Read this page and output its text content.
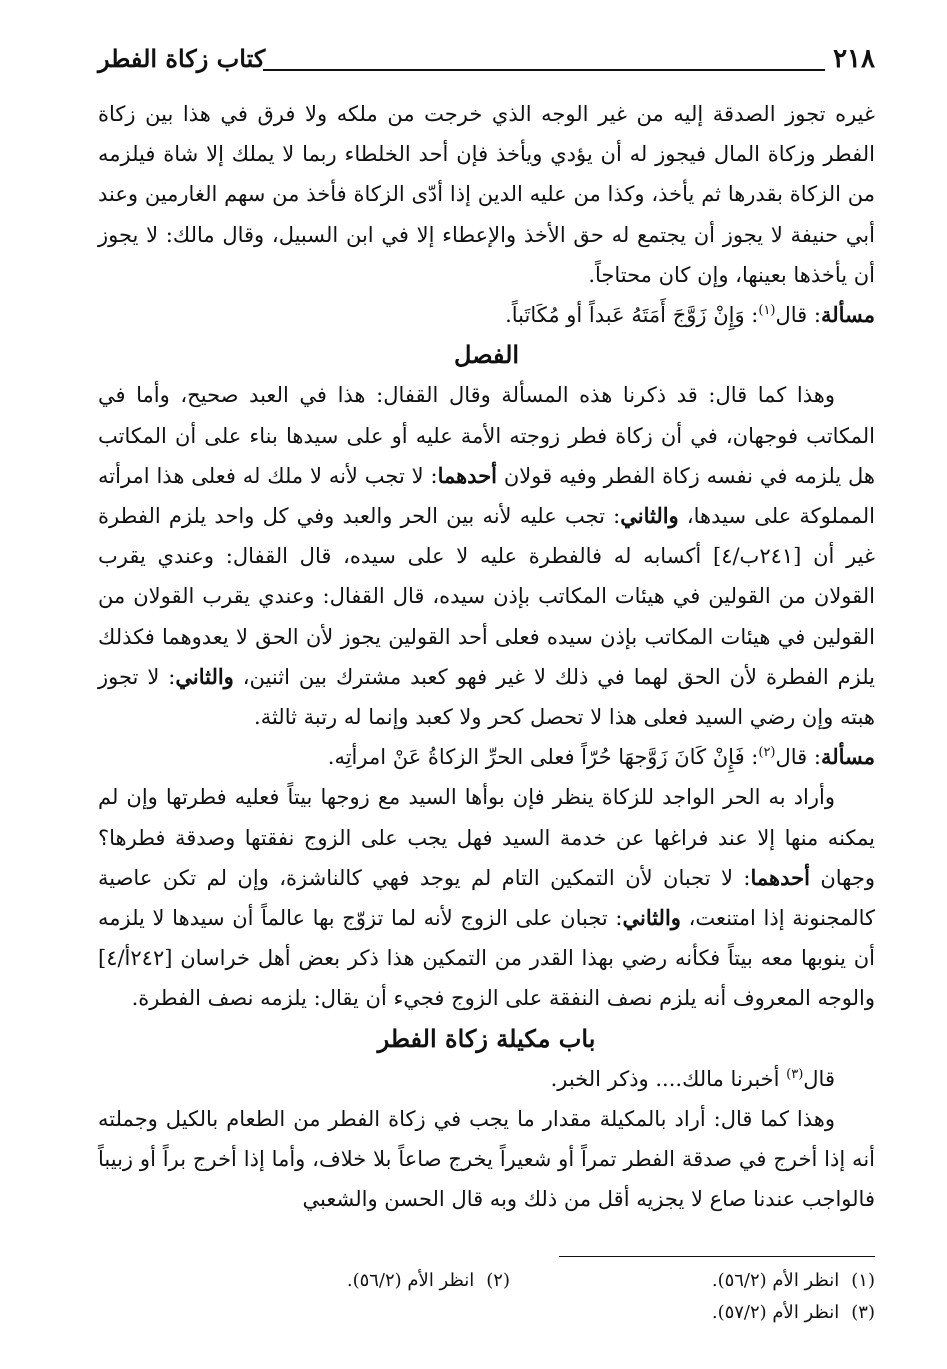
٢١٨
كتاب زكاة الفطر

غيره تجوز الصدقة إليه من غير الوجه الذي خرجت من ملكه ولا فرق في هذا بين زكاة الفطر وزكاة المال فيجوز له أن يؤدي ويأخذ فإن أحد الخلطاء ربما لا يملك إلا شاة فيلزمه من الزكاة بقدرها ثم يأخذ، وكذا من عليه الدين إذا أدّى الزكاة فأخذ من سهم الغارمين وعند أبي حنيفة لا يجوز أن يجتمع له حق الأخذ والإعطاء إلا في ابن السبيل، وقال مالك: لا يجوز أن يأخذها بعينها، وإن كان محتاجاً.

مسألة: قال$^{(١)}$: وَإِنْ زَوَّجَ أَمَتَهُ عَبداً أو مُكَاتَباً.

الفصل

وهذا كما قال: قد ذكرنا هذه المسألة وقال القفال: هذا في العبد صحيح، وأما في المكاتب فوجهان، في أن زكاة فطر زوجته الأمة عليه أو على سيدها بناء على أن المكاتب هل يلزمه في نفسه زكاة الفطر وفيه قولان أحدهما: لا تجب لأنه لا ملك له فعلى هذا امرأته المملوكة على سيدها، والثاني: تجب عليه لأنه بين الحر والعبد وفي كل واحد يلزم الفطرة غير أن [٢٤١ب/٤] أكسابه له فالفطرة عليه لا على سيده، قال القفال: وعندي يقرب القولان من القولين في هيئات المكاتب بإذن سيده، قال القفال: وعندي يقرب القولان من القولين في هيئات المكاتب بإذن سيده فعلى أحد القولين يجوز لأن الحق لا يعدوهما فكذلك يلزم الفطرة لأن الحق لهما في ذلك لا غير فهو كعبد مشترك بين اثنين، والثاني: لا تجوز هبته وإن رضي السيد فعلى هذا لا تحصل كحر ولا كعبد وإنما له رتبة ثالثة.

مسألة: قال$^{(٢)}$: فَإِنْ كَانَ زَوَّجهَا حُرّاً فعلى الحرِّ الزكاةُ عَنْ امرأتِه.

وأراد به الحر الواجد للزكاة ينظر فإن بوأها السيد مع زوجها بيتاً فعليه فطرتها وإن لم يمكنه منها إلا عند فراغها عن خدمة السيد فهل يجب على الزوج نفقتها وصدقة فطرها؟ وجهان أحدهما: لا تجبان لأن التمكين التام لم يوجد فهي كالناشزة، وإن لم تكن عاصية كالمجنونة إذا امتنعت، والثاني: تجبان على الزوج لأنه لما تزوّج بها عالماً أن سيدها لا يلزمه أن ينوبها معه بيتاً فكأنه رضي بهذا القدر من التمكين هذا ذكر بعض أهل خراسان [٢٤٢أ/٤] والوجه المعروف أنه يلزم نصف النفقة على الزوج فجيء أن يقال: يلزمه نصف الفطرة.

باب مكيلة زكاة الفطر

قال$^{(٣)}$ أخبرنا مالك.... وذكر الخبر.

وهذا كما قال: أراد بالمكيلة مقدار ما يجب في زكاة الفطر من الطعام بالكيل وجملته أنه إذا أخرج في صدقة الفطر تمراً أو شعيراً يخرج صاعاً بلا خلاف، وأما إذا أخرج براً أو زبيباً فالواجب عندنا صاع لا يجزيه أقل من ذلك وبه قال الحسن والشعبي

(١)انظر الأم (٥٦/٢).
(٢)انظر الأم (٥٦/٢).
(٣)انظر الأم (٥٧/٢).
